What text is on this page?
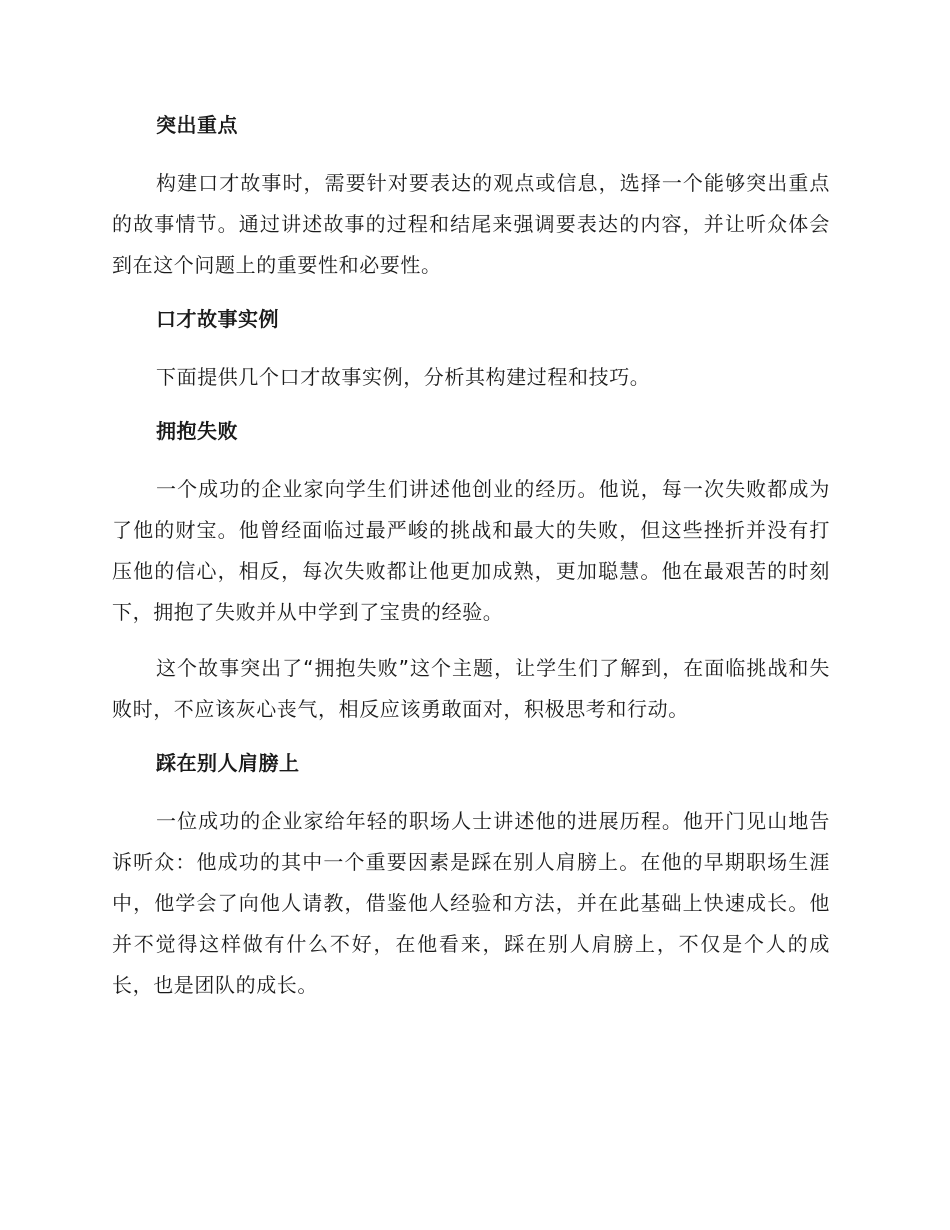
突出重点

构建口才故事时，需要针对要表达的观点或信息，选择一个能够突出重点的故事情节。通过讲述故事的过程和结尾来强调要表达的内容，并让听众体会到在这个问题上的重要性和必要性。

口才故事实例

下面提供几个口才故事实例，分析其构建过程和技巧。

拥抱失败

一个成功的企业家向学生们讲述他创业的经历。他说，每一次失败都成为了他的财宝。他曾经面临过最严峻的挑战和最大的失败，但这些挫折并没有打压他的信心，相反，每次失败都让他更加成熟，更加聪慧。他在最艰苦的时刻下，拥抱了失败并从中学到了宝贵的经验。

这个故事突出了“拥抱失败”这个主题，让学生们了解到，在面临挑战和失败时，不应该灰心丧气，相反应该勇敢面对，积极思考和行动。

踩在别人肩膀上

一位成功的企业家给年轻的职场人士讲述他的进展历程。他开门见山地告诉听众：他成功的其中一个重要因素是踩在别人肩膀上。在他的早期职场生涯中，他学会了向他人请教，借鉴他人经验和方法，并在此基础上快速成长。他并不觉得这样做有什么不好，在他看来，踩在别人肩膀上，不仅是个人的成长，也是团队的成长。
